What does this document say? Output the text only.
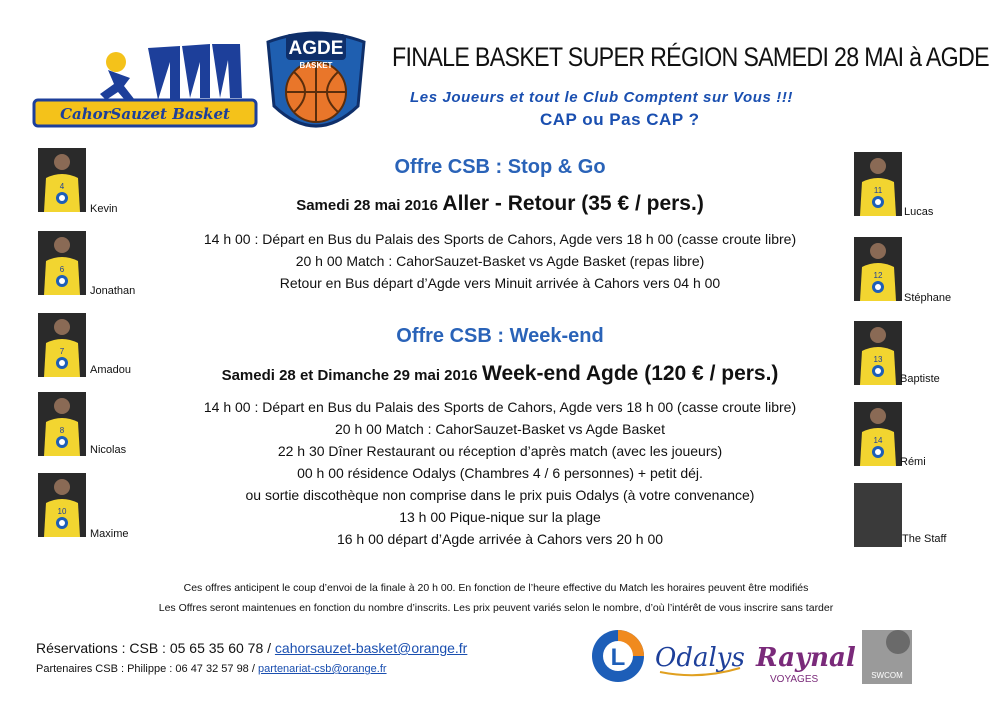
CahorSauzet Basket
AGDE
BASKET FINALE BASKET SUPER RÉGION SAMEDI 28 MAI à AGDE
Les Joueurs et tout le Club Comptent sur Vous !!!
CAP ou Pas CAP ?
Offre CSB : Stop & Go
Samedi 28 mai 2016 Aller - Retour (35 € / pers.)
14 h 00 : Départ en Bus du Palais des Sports de Cahors, Agde vers 18 h 00 (casse croute libre)
20 h 00 Match : CahorSauzet-Basket vs Agde Basket (repas libre)
Retour en Bus départ d’Agde vers Minuit arrivée à Cahors vers 04 h 00
Offre CSB : Week-end
Samedi 28 et Dimanche 29 mai 2016 Week-end Agde (120 € / pers.)
14 h 00 : Départ en Bus du Palais des Sports de Cahors, Agde vers 18 h 00 (casse croute libre)
20 h 00 Match : CahorSauzet-Basket vs Agde Basket
22 h 30 Dîner Restaurant ou réception d’après match (avec les joueurs)
00 h 00 résidence Odalys (Chambres 4 / 6 personnes) + petit déj.
ou sortie discothèque non comprise dans le prix puis Odalys (à votre convenance)
13 h 00 Pique-nique sur la plage
16 h 00 départ d’Agde arrivée à Cahors vers 20 h 00
4
Kevin
6
Jonathan
7
Amadou
8
Nicolas
10
Maxime
11
Lucas
12
Stéphane
13
Baptiste
14
Rémi
The Staff
Ces offres anticipent le coup d’envoi de la finale à 20 h 00. En fonction de l’heure effective du Match les horaires peuvent être modifiés
Les Offres seront maintenues en fonction du nombre d’inscrits. Les prix peuvent variés selon le nombre, d’où l’intérêt de vous inscrire sans tarder
Réservations : CSB : 05 65 35 60 78 / cahorsauzet-basket@orange.fr
Partenaires CSB : Philippe : 06 47 32 57 98 / partenariat-csb@orange.fr	L Odalys Raynal
VOYAGES	SWCOM
